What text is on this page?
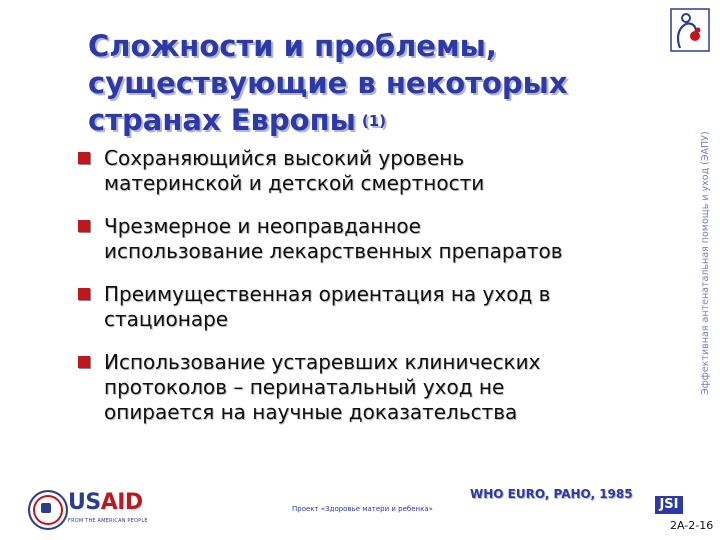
Сложности и проблемы,
существующие в некоторых
странах Европы $^{(1)}$
Сохраняющийся высокий уровень
материнской и детской смертности
Чрезмерное и неоправданное
использование лекарственных препаратов
Преимущественная ориентация на уход в
стационаре
Использование устаревших клинических
протоколов – перинатальный уход не
опирается на научные доказательства
WHO EURO, PAHO, 1985
Эффективная антенатальная помощь и уход (ЭАПУ)
USAID
FROM THE AMERICAN PEOPLE
Проект «Здоровье матери и ребенка»	JSI
2A-2-16
